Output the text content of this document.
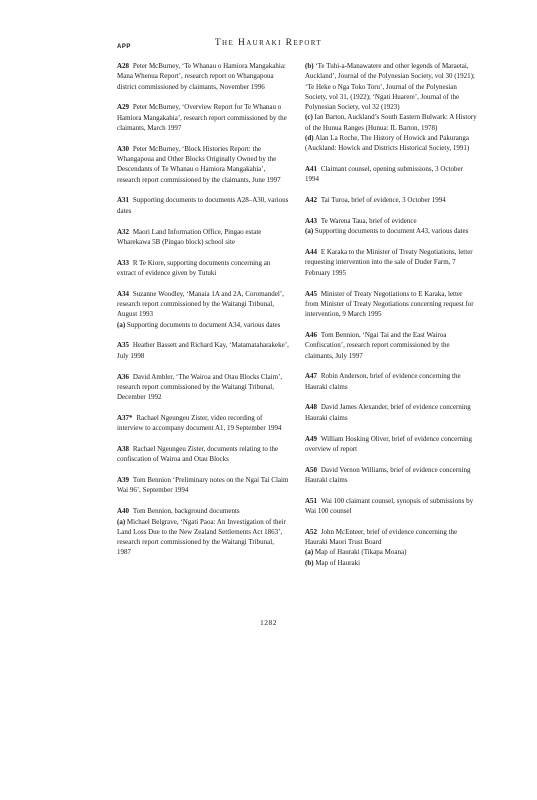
APP	The Hauraki Report
A28 Peter McBurney, ‘Te Whanau o Hamiora Mangakahia: Mana Whenua Report’, research report on Whangapoua district commissioned by claimants, November 1996
A29 Peter McBurney, ‘Overview Report for Te Whanau o Hamiora Mangakahia’, research report commissioned by the claimants, March 1997
A30 Peter McBurney, ‘Block Histories Report: the Whangapoua and Other Blocks Originally Owned by the Descendants of Te Whanau o Hamiora Mangakahia’, research report commissioned by the claimants, June 1997
A31 Supporting documents to documents A28–A30, various dates
A32 Maori Land Information Office, Pingao estate Wharekawa 5B (Pingao block) school site
A33 R Te Kiore, supporting documents concerning an extract of evidence given by Tutuki
A34 Suzanne Woodley, ‘Manaia 1A and 2A, Coromandel’, research report commissioned by the Waitangi Tribunal, August 1993
(a) Supporting documents to document A34, various dates
A35 Heather Bassett and Richard Kay, ‘Matamataharakeke’, July 1998
A36 David Ambler, ‘The Wairoa and Otau Blocks Claim’, research report commissioned by the Waitangi Tribunal, December 1992
A37* Rachael Ngeungeu Zister, video recording of interview to accompany document A1, 19 September 1994
A38 Rachael Ngeungeu Zister, documents relating to the confiscation of Wairoa and Otau Blocks
A39 Tom Bennion ‘Preliminary notes on the Ngai Tai Claim Wai 96’, September 1994
A40 Tom Bennion, background documents
(a) Michael Belgrave, ‘Ngati Paoa: An Investigation of their Land Loss Due to the New Zealand Settlements Act 1863’, research report commissioned by the Waitangi Tribunal, 1987
(b) ‘Te Tuhi-a-Manawatere and other legends of Maraetai, Auckland’, Journal of the Polynesian Society, vol 30 (1921); ‘Te Heke o Nga Toko Toru’, Journal of the Polynesian Society, vol 31, (1922); ‘Ngati Huarere’, Journal of the Polynesian Society, vol 32 (1923)
(c) Ian Barton, Auckland’s South Eastern Bulwark: A History of the Hunua Ranges (Hunua: IL Barton, 1978)
(d) Alan La Roche, The History of Howick and Pakuranga (Auckland: Howick and Districts Historical Society, 1991)
A41 Claimant counsel, opening submissions, 3 October 1994
A42 Tai Turoa, brief of evidence, 3 October 1994
A43 Te Warena Taua, brief of evidence
(a) Supporting documents to document A43, various dates
A44 E Karaka to the Minister of Treaty Negotiations, letter requesting intervention into the sale of Duder Farm, 7 February 1995
A45 Minister of Treaty Negotiations to E Karaka, letter from Minister of Treaty Negotiations concerning request for intervention, 9 March 1995
A46 Tom Bennion, ‘Ngai Tai and the East Wairoa Confiscation’, research report commissioned by the claimants, July 1997
A47 Robin Anderson, brief of evidence concerning the Hauraki claims
A48 David James Alexander, brief of evidence concerning Hauraki claims
A49 William Hosking Oliver, brief of evidence concerning overview of report
A50 David Vernon Williams, brief of evidence concerning Hauraki claims
A51 Wai 100 claimant counsel, synopsis of submissions by Wai 100 counsel
A52 John McEnteer, brief of evidence concerning the Hauraki Maori Trust Board
(a) Map of Hauraki (Tikapa Moana)
(b) Map of Hauraki
1282
